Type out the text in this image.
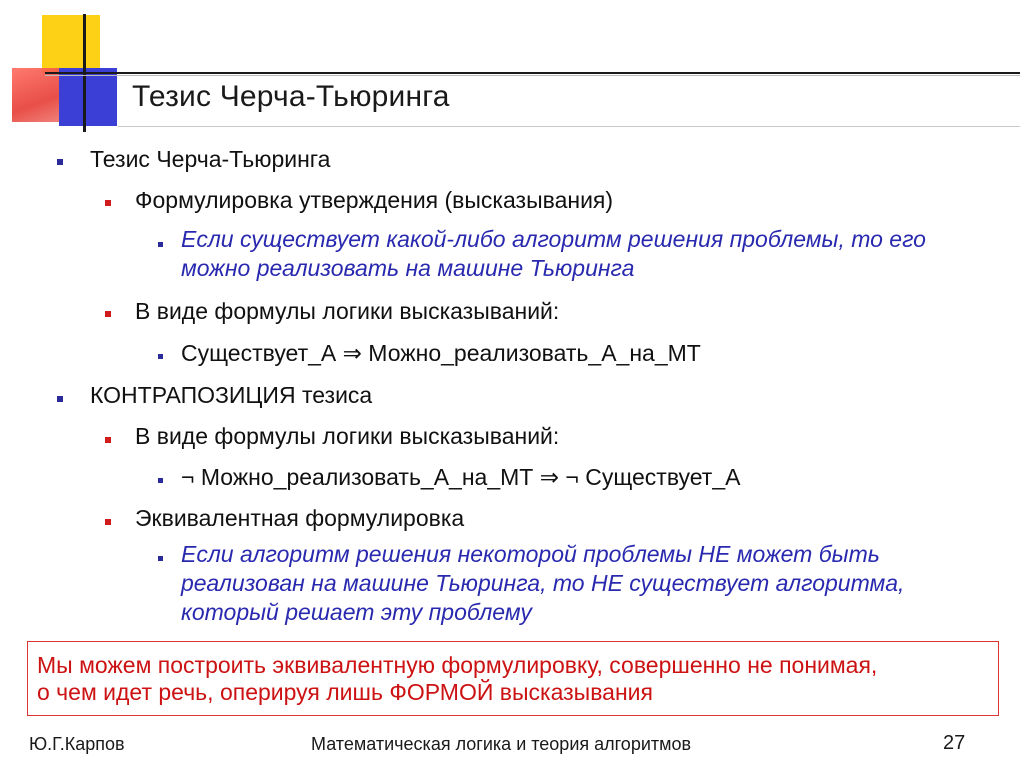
Тезис Черча-Тьюринга
Тезис Черча-Тьюринга
Формулировка утверждения (высказывания)
Если существует какой-либо алгоритм решения проблемы, то его
можно реализовать на машине Тьюринга
В виде формулы логики высказываний:
Существует_А ⇒ Можно_реализовать_А_на_МТ
КОНТРАПОЗИЦИЯ тезиса
В виде формулы логики высказываний:
¬ Можно_реализовать_А_на_МТ ⇒ ¬ Существует_А
Эквивалентная формулировка
Если алгоритм решения некоторой проблемы НЕ может быть
реализован на машине Тьюринга, то НЕ существует алгоритма,
который решает эту проблему
Мы можем построить эквивалентную формулировку, совершенно не понимая,
о чем идет речь, оперируя лишь ФОРМОЙ высказывания
Ю.Г.Карпов	Математическая логика и теория алгоритмов	27
